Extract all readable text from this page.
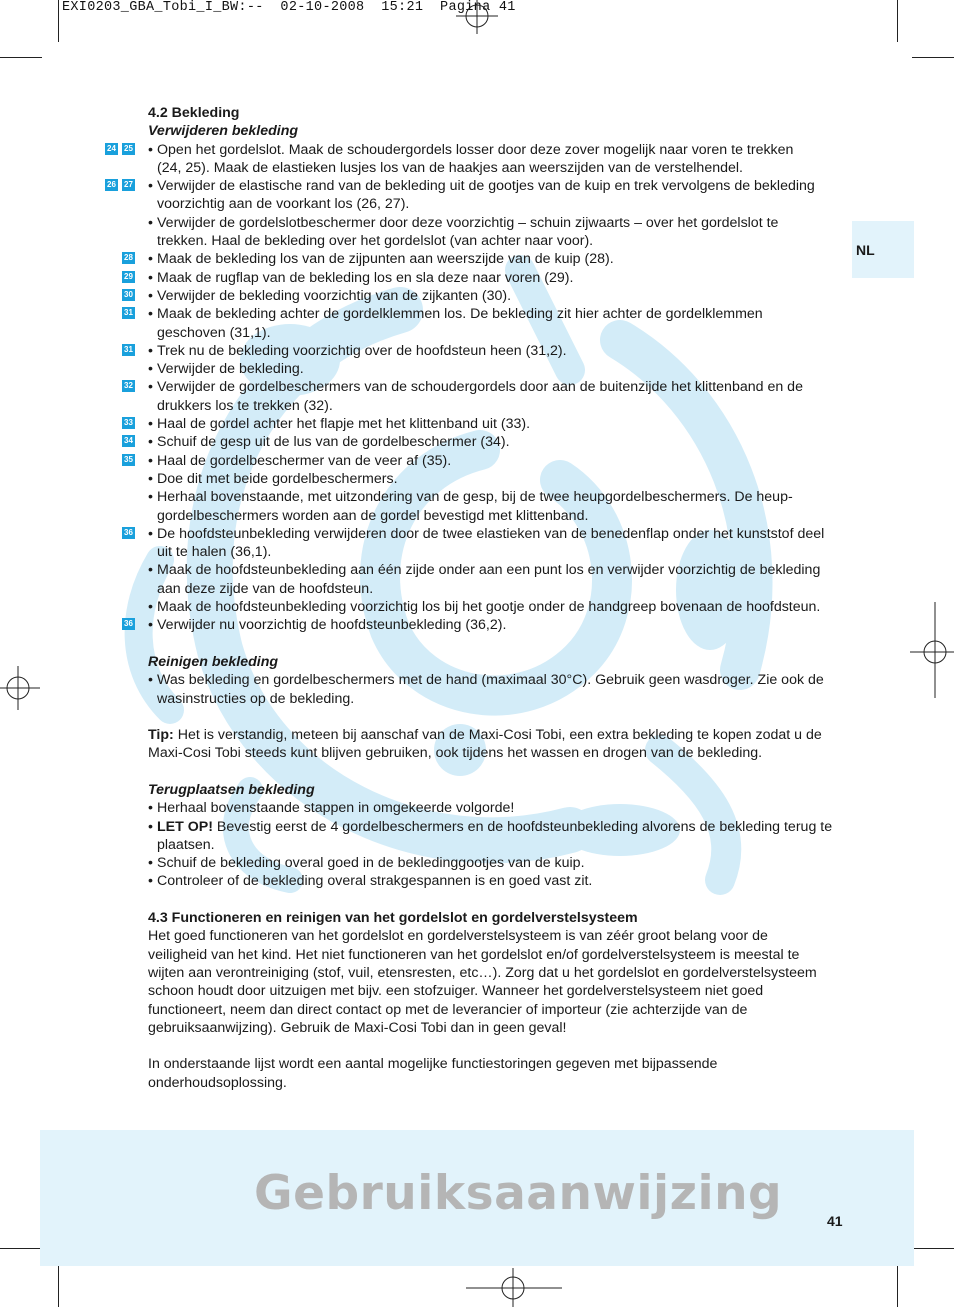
EXI0203_GBA_Tobi_I_BW:--  02-10-2008  15:21  Pagina 41
NL

4.2 Bekleding

Verwijderen bekleding

24 25 • Open het gordelslot. Maak de schoudergordels losser door deze zover mogelijk naar voren te trekken

(24, 25). Maak de elastieken lusjes los van de haakjes aan weerszijden van de verstelhendel.

26 27 • Verwijder de elastische rand van de bekleding uit de gootjes van de kuip en trek vervolgens de bekleding

voorzichtig aan de voorkant los (26, 27).

• Verwijder de gordelslotbeschermer door deze voorzichtig – schuin zijwaarts – over het gordelslot te

trekken. Haal de bekleding over het gordelslot (van achter naar voor).

28 • Maak de bekleding los van de zijpunten aan weerszijde van de kuip (28).

29 • Maak de rugflap van de bekleding los en sla deze naar voren (29).

30 • Verwijder de bekleding voorzichtig van de zijkanten (30).

31 • Maak de bekleding achter de gordelklemmen los. De bekleding zit hier achter de gordelklemmen

geschoven (31,1).

31 • Trek nu de bekleding voorzichtig over de hoofdsteun heen (31,2).

• Verwijder de bekleding.

32 • Verwijder de gordelbeschermers van de schoudergordels door aan de buitenzijde het klittenband en de

drukkers los te trekken (32).

33 • Haal de gordel achter het flapje met het klittenband uit (33).

34 • Schuif de gesp uit de lus van de gordelbeschermer (34).

35 • Haal de gordelbeschermer van de veer af (35).

• Doe dit met beide gordelbeschermers.

• Herhaal bovenstaande, met uitzondering van de gesp, bij de twee heupgordelbeschermers. De heup-

gordelbeschermers worden aan de gordel bevestigd met klittenband.

36 • De hoofdsteunbekleding verwijderen door de twee elastieken van de benedenflap onder het kunststof deel

uit te halen (36,1).

• Maak de hoofdsteunbekleding aan één zijde onder aan een punt los en verwijder voorzichtig de bekleding

aan deze zijde van de hoofdsteun.

• Maak de hoofdsteunbekleding voorzichtig los bij het gootje onder de handgreep bovenaan de hoofdsteun.

36 • Verwijder nu voorzichtig de hoofdsteunbekleding (36,2).

Reinigen bekleding

• Was bekleding en gordelbeschermers met de hand (maximaal 30°C). Gebruik geen wasdroger. Zie ook de

wasinstructies op de bekleding.

Tip: Het is verstandig, meteen bij aanschaf van de Maxi-Cosi Tobi, een extra bekleding te kopen zodat u de

Maxi-Cosi Tobi steeds kunt blijven gebruiken, ook tijdens het wassen en drogen van de bekleding.

Terugplaatsen bekleding

• Herhaal bovenstaande stappen in omgekeerde volgorde!

• LET OP! Bevestig eerst de 4 gordelbeschermers en de hoofdsteunbekleding alvorens de bekleding terug te

plaatsen.

• Schuif de bekleding overal goed in de bekledinggootjes van de kuip.

• Controleer of de bekleding overal strakgespannen is en goed vast zit.

4.3 Functioneren en reinigen van het gordelslot en gordelverstelsysteem

Het goed functioneren van het gordelslot en gordelverstelsysteem is van zéér groot belang voor de

veiligheid van het kind. Het niet functioneren van het gordelslot en/of gordelverstelsysteem is meestal te

wijten aan verontreiniging (stof, vuil, etensresten, etc…). Zorg dat u het gordelslot en gordelverstelsysteem

schoon houdt door uitzuigen met bijv. een stofzuiger. Wanneer het gordelverstelsysteem niet goed

functioneert, neem dan direct contact op met de leverancier of importeur (zie achterzijde van de

gebruiksaanwijzing). Gebruik de Maxi-Cosi Tobi dan in geen geval!

In onderstaande lijst wordt een aantal mogelijke functiestoringen gegeven met bijpassende

onderhoudsoplossing.

Gebruiksaanwijzing	41
